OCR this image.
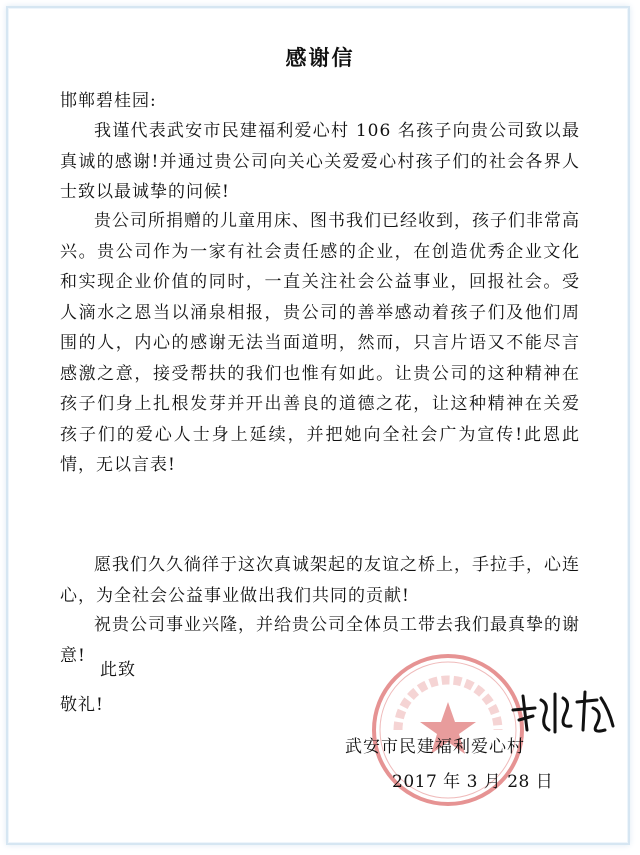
感谢信
邯郸碧桂园:
我谨代表武安市民建福利爱心村 106 名孩子向贵公司致以最真诚的感谢!并通过贵公司向关心关爱爱心村孩子们的社会各界人士致以最诚挚的问候!
贵公司所捐赠的儿童用床、图书我们已经收到，孩子们非常高兴。贵公司作为一家有社会责任感的企业，在创造优秀企业文化和实现企业价值的同时，一直关注社会公益事业，回报社会。受人滴水之恩当以涌泉相报，贵公司的善举感动着孩子们及他们周围的人，内心的感谢无法当面道明，然而，只言片语又不能尽言感激之意，接受帮扶的我们也惟有如此。让贵公司的这种精神在孩子们身上扎根发芽并开出善良的道德之花，让这种精神在关爱孩子们的爱心人士身上延续，并把她向全社会广为宣传!此恩此情，无以言表!
愿我们久久徜徉于这次真诚架起的友谊之桥上，手拉手，心连心，为全社会公益事业做出我们共同的贡献!
祝贵公司事业兴隆，并给贵公司全体员工带去我们最真挚的谢意!
此致
敬礼!
武安市民建福利爱心村
2017 年 3 月 28 日
